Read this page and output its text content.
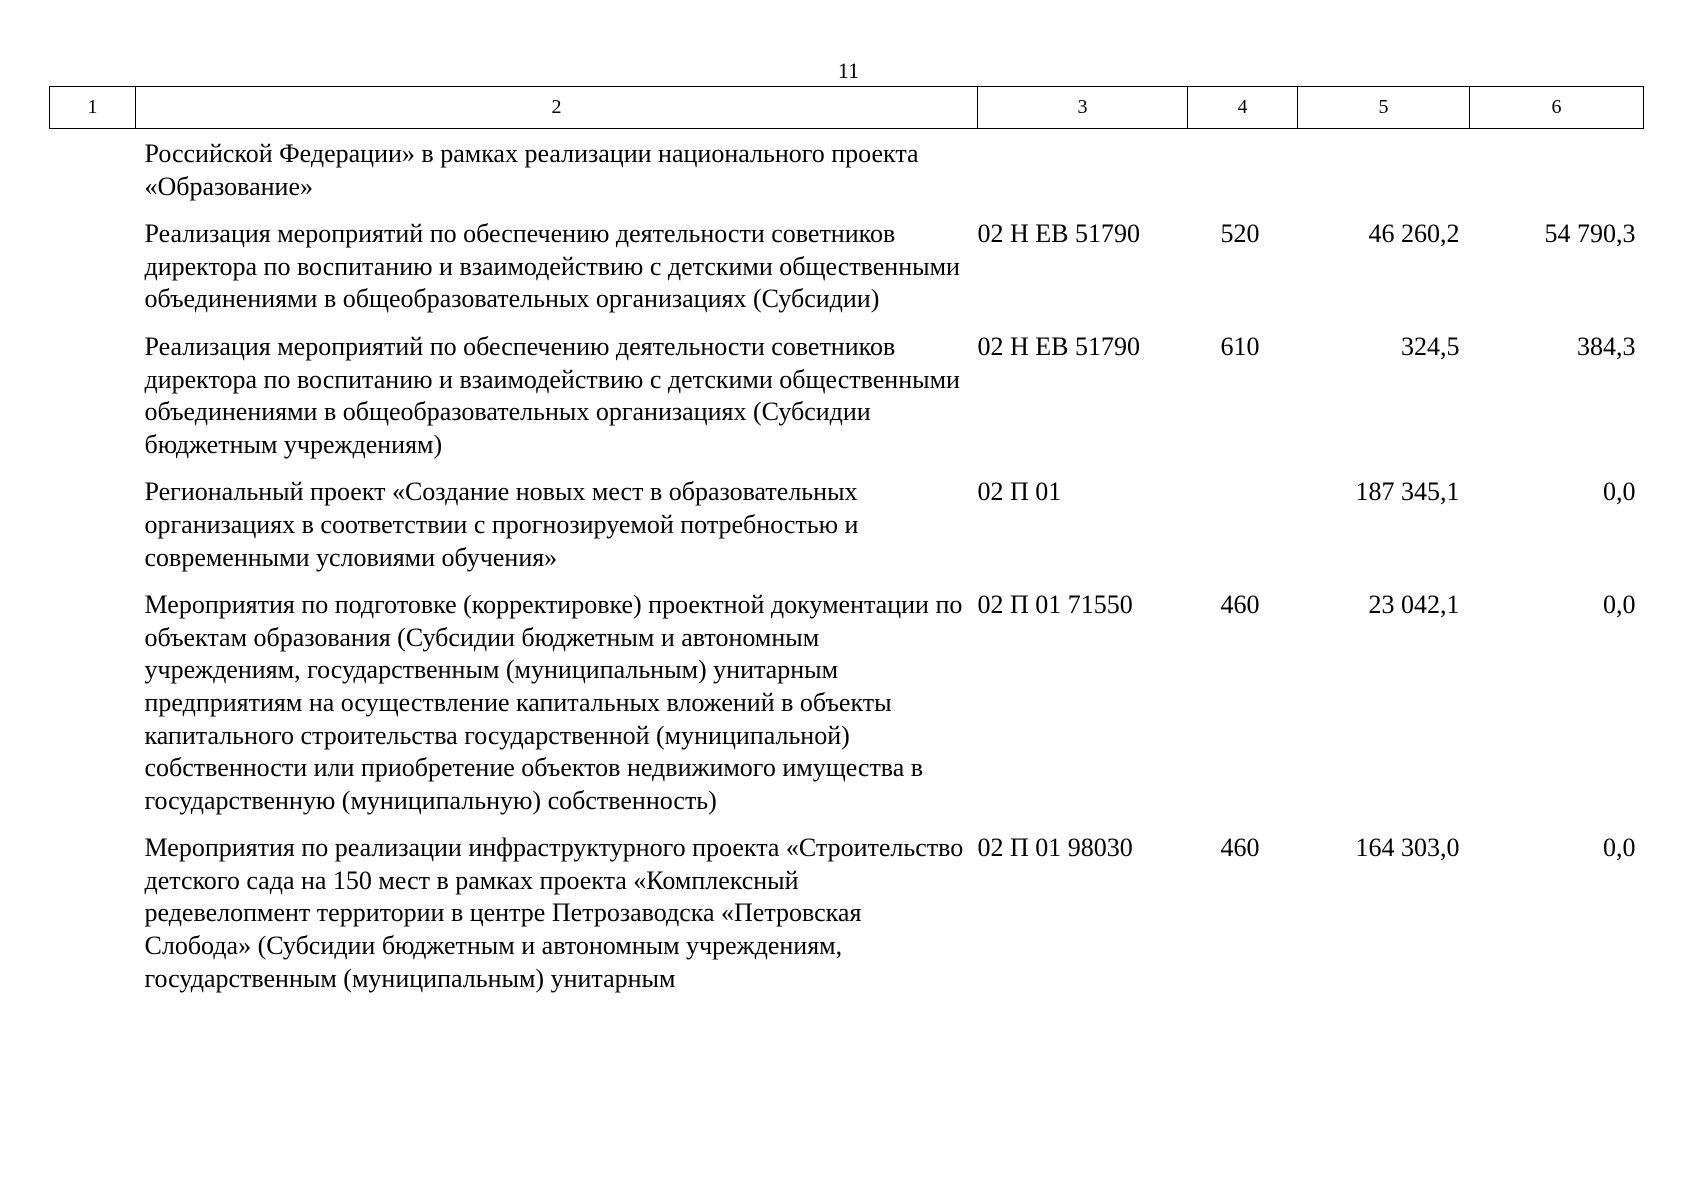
11
1	2	3	4	5	6
Российской Федерации» в рамках реализации национального проекта «Образование»					
Реализация мероприятий по обеспечению деятельности советников директора по воспитанию и взаимодействию с детскими общественными объединениями в общеобразовательных организациях (Субсидии)		02 Н ЕВ 51790	520	46 260,2	54 790,3
Реализация мероприятий по обеспечению деятельности советников директора по воспитанию и взаимодействию с детскими общественными объединениями в общеобразовательных организациях (Субсидии бюджетным учреждениям)		02 Н ЕВ 51790	610	324,5	384,3
Региональный проект «Создание новых мест в образовательных организациях в соответствии с прогнозируемой потребностью и современными условиями обучения»		02 П 01		187 345,1	0,0
Мероприятия по подготовке (корректировке) проектной документации по объектам образования (Субсидии бюджетным и автономным учреждениям, государственным (муниципальным) унитарным предприятиям на осуществление капитальных вложений в объекты капитального строительства государственной (муниципальной) собственности или приобретение объектов недвижимого имущества в государственную (муниципальную) собственность)		02 П 01 71550	460	23 042,1	0,0
Мероприятия по реализации инфраструктурного проекта «Строительство детского сада на 150 мест в рамках проекта «Комплексный редевелопмент территории в центре Петрозаводска «Петровская Слобода» (Субсидии бюджетным и автономным учреждениям, государственным (муниципальным) унитарным		02 П 01 98030	460	164 303,0	0,0
